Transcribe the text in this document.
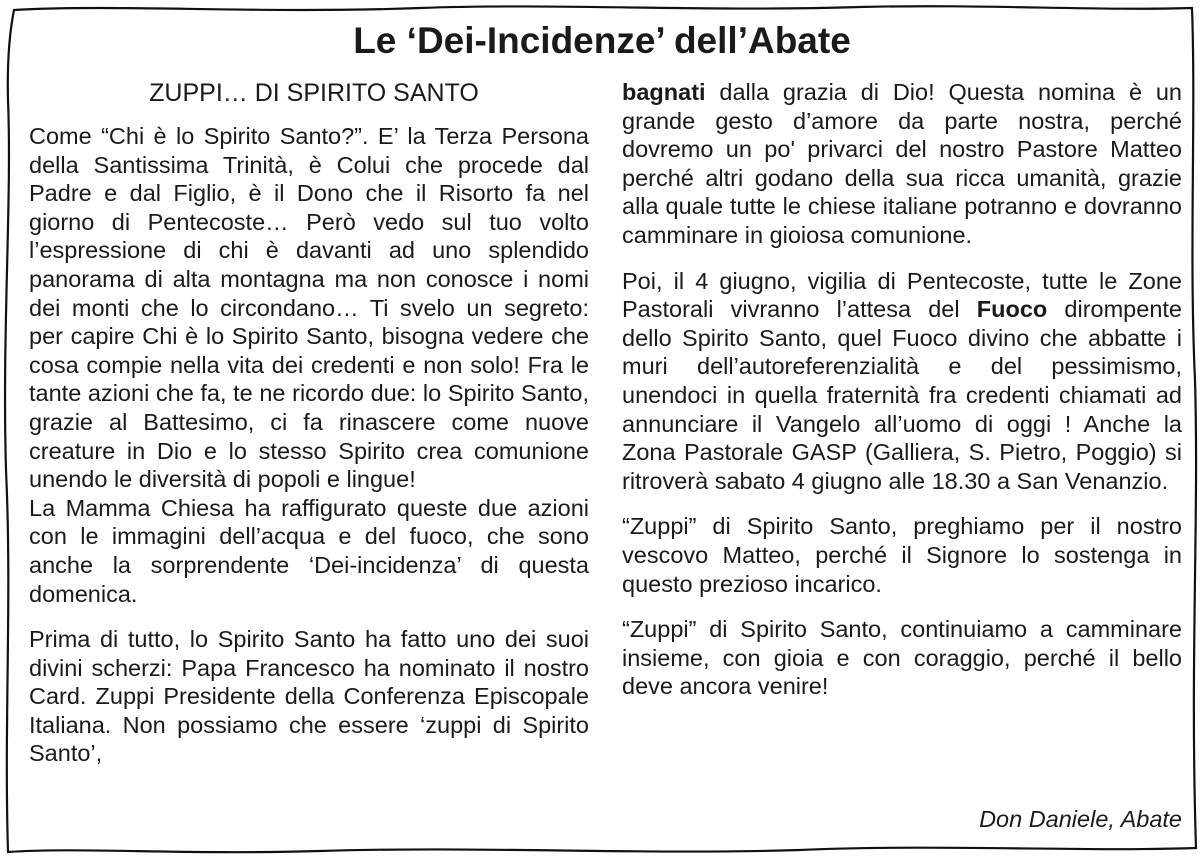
Le ‘Dei-Incidenze’ dell’Abate
ZUPPI… DI SPIRITO SANTO

Come “Chi è lo Spirito Santo?”. E’ la Terza Persona della Santissima Trinità, è Colui che procede dal Padre e dal Figlio, è il Dono che il Risorto fa nel giorno di Pentecoste… Però vedo sul tuo volto l’espressione di chi è davanti ad uno splendido panorama di alta montagna ma non conosce i nomi dei monti che lo circondano… Ti svelo un segreto: per capire Chi è lo Spirito Santo, bisogna vedere che cosa compie nella vita dei credenti e non solo! Fra le tante azioni che fa, te ne ricordo due: lo Spirito Santo, grazie al Battesimo, ci fa rinascere come nuove creature in Dio e lo stesso Spirito crea comunione unendo le diversità di popoli e lingue!

La Mamma Chiesa ha raffigurato queste due azioni con le immagini dell’acqua e del fuoco, che sono anche la sorprendente ‘Dei-incidenza’ di questa domenica.

Prima di tutto, lo Spirito Santo ha fatto uno dei suoi divini scherzi: Papa Francesco ha nominato il nostro Card. Zuppi Presidente della Conferenza Episcopale Italiana. Non possiamo che essere ‘zuppi di Spirito Santo’,

bagnati dalla grazia di Dio! Questa nomina è un grande gesto d’amore da parte nostra, perché dovremo un po' privarci del nostro Pastore Matteo perché altri godano della sua ricca umanità, grazie alla quale tutte le chiese italiane potranno e dovranno camminare in gioiosa comunione.

Poi, il 4 giugno, vigilia di Pentecoste, tutte le Zone Pastorali vivranno l’attesa del Fuoco dirompente dello Spirito Santo, quel Fuoco divino che abbatte i muri dell’autoreferenzialità e del pessimismo, unendoci in quella fraternità fra credenti chiamati ad annunciare il Vangelo all’uomo di oggi ! Anche la Zona Pastorale GASP (Galliera, S. Pietro, Poggio) si ritroverà sabato 4 giugno alle 18.30 a San Venanzio.

“Zuppi” di Spirito Santo, preghiamo per il nostro vescovo Matteo, perché il Signore lo sostenga in questo prezioso incarico.

“Zuppi” di Spirito Santo, continuiamo a camminare insieme, con gioia e con coraggio, perché il bello deve ancora venire!

Don Daniele, Abate
